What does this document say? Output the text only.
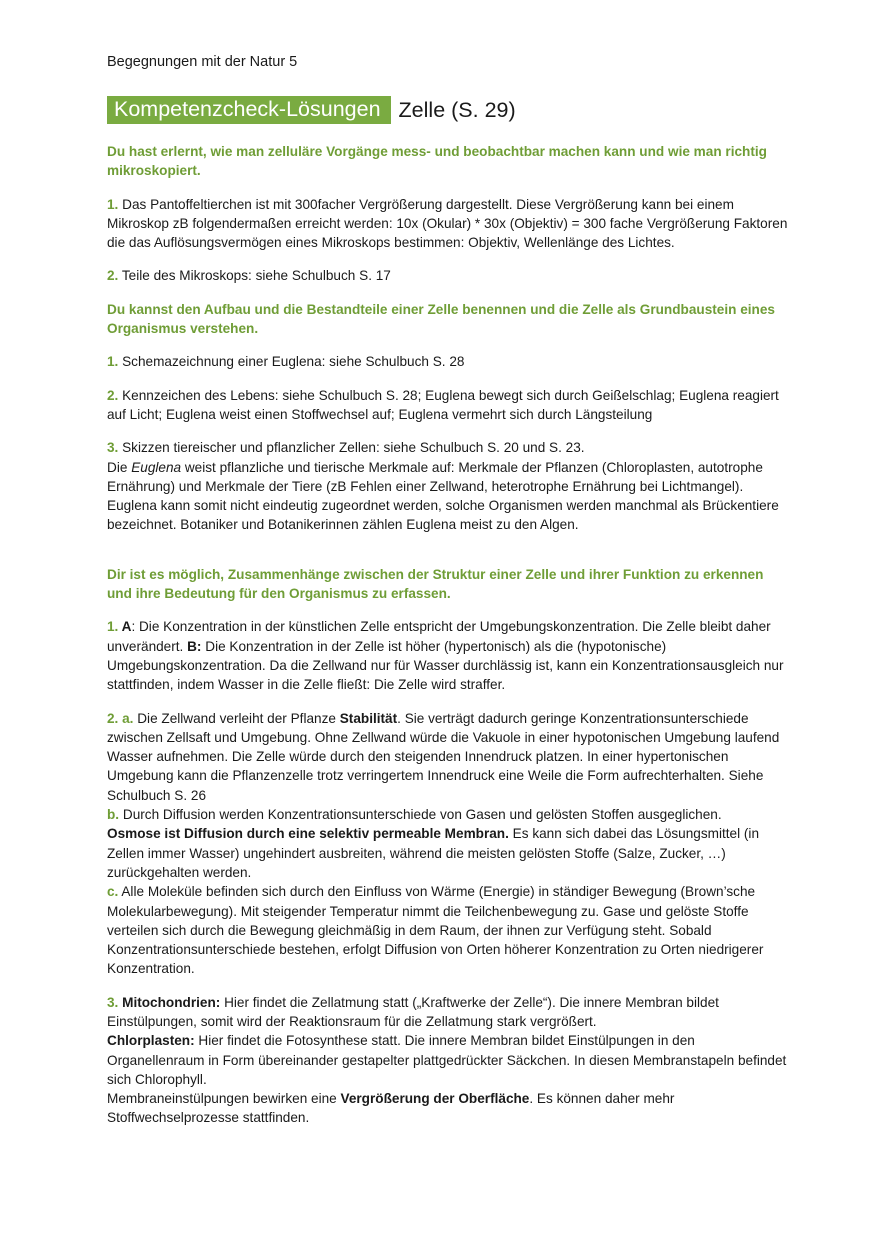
Begegnungen mit der Natur 5
Kompetenzcheck-Lösungen Zelle (S. 29)

Du hast erlernt, wie man zelluläre Vorgänge mess- und beobachtbar machen kann und wie man richtig mikroskopiert.

1. Das Pantoffeltierchen ist mit 300facher Vergrößerung dargestellt. Diese Vergrößerung kann bei einem Mikroskop zB folgendermaßen erreicht werden: 10x (Okular) * 30x (Objektiv) = 300 fache Vergrößerung Faktoren die das Auflösungsvermögen eines Mikroskops bestimmen: Objektiv, Wellenlänge des Lichtes.

2. Teile des Mikroskops: siehe Schulbuch S. 17

Du kannst den Aufbau und die Bestandteile einer Zelle benennen und die Zelle als Grundbaustein eines Organismus verstehen.

1. Schemazeichnung einer Euglena: siehe Schulbuch S. 28

2. Kennzeichen des Lebens: siehe Schulbuch S. 28; Euglena bewegt sich durch Geißelschlag; Euglena reagiert auf Licht; Euglena weist einen Stoffwechsel auf; Euglena vermehrt sich durch Längsteilung

3. Skizzen tiereischer und pflanzlicher Zellen: siehe Schulbuch S. 20 und S. 23.
Die Euglena weist pflanzliche und tierische Merkmale auf: Merkmale der Pflanzen (Chloroplasten, autotrophe Ernährung) und Merkmale der Tiere (zB Fehlen einer Zellwand, heterotrophe Ernährung bei Lichtmangel). Euglena kann somit nicht eindeutig zugeordnet werden, solche Organismen werden manchmal als Brückentiere bezeichnet. Botaniker und Botanikerinnen zählen Euglena meist zu den Algen.

Dir ist es möglich, Zusammenhänge zwischen der Struktur einer Zelle und ihrer Funktion zu erkennen und ihre Bedeutung für den Organismus zu erfassen.

1. A: Die Konzentration in der künstlichen Zelle entspricht der Umgebungskonzentration. Die Zelle bleibt daher unverändert. B: Die Konzentration in der Zelle ist höher (hypertonisch) als die (hypotonische) Umgebungskonzentration. Da die Zellwand nur für Wasser durchlässig ist, kann ein Konzentrationsausgleich nur stattfinden, indem Wasser in die Zelle fließt: Die Zelle wird straffer.

2. a. Die Zellwand verleiht der Pflanze Stabilität. Sie verträgt dadurch geringe Konzentrationsunterschiede zwischen Zellsaft und Umgebung. Ohne Zellwand würde die Vakuole in einer hypotonischen Umgebung laufend Wasser aufnehmen. Die Zelle würde durch den steigenden Innendruck platzen. In einer hypertonischen Umgebung kann die Pflanzenzelle trotz verringertem Innendruck eine Weile die Form aufrechterhalten. Siehe Schulbuch S. 26
b. Durch Diffusion werden Konzentrationsunterschiede von Gasen und gelösten Stoffen ausgeglichen.
Osmose ist Diffusion durch eine selektiv permeable Membran. Es kann sich dabei das Lösungsmittel (in Zellen immer Wasser) ungehindert ausbreiten, während die meisten gelösten Stoffe (Salze, Zucker, …) zurückgehalten werden.
c. Alle Moleküle befinden sich durch den Einfluss von Wärme (Energie) in ständiger Bewegung (Brown’sche Molekularbewegung). Mit steigender Temperatur nimmt die Teilchenbewegung zu. Gase und gelöste Stoffe verteilen sich durch die Bewegung gleichmäßig in dem Raum, der ihnen zur Verfügung steht. Sobald Konzentrationsunterschiede bestehen, erfolgt Diffusion von Orten höherer Konzentration zu Orten niedrigerer Konzentration.

3. Mitochondrien: Hier findet die Zellatmung statt („Kraftwerke der Zelle“). Die innere Membran bildet Einstülpungen, somit wird der Reaktionsraum für die Zellatmung stark vergrößert.
Chlorplasten: Hier findet die Fotosynthese statt. Die innere Membran bildet Einstülpungen in den Organellenraum in Form übereinander gestapelter plattgedrückter Säckchen. In diesen Membranstapeln befindet sich Chlorophyll.
Membraneinstülpungen bewirken eine Vergrößerung der Oberfläche. Es können daher mehr Stoffwechselprozesse stattfinden.
